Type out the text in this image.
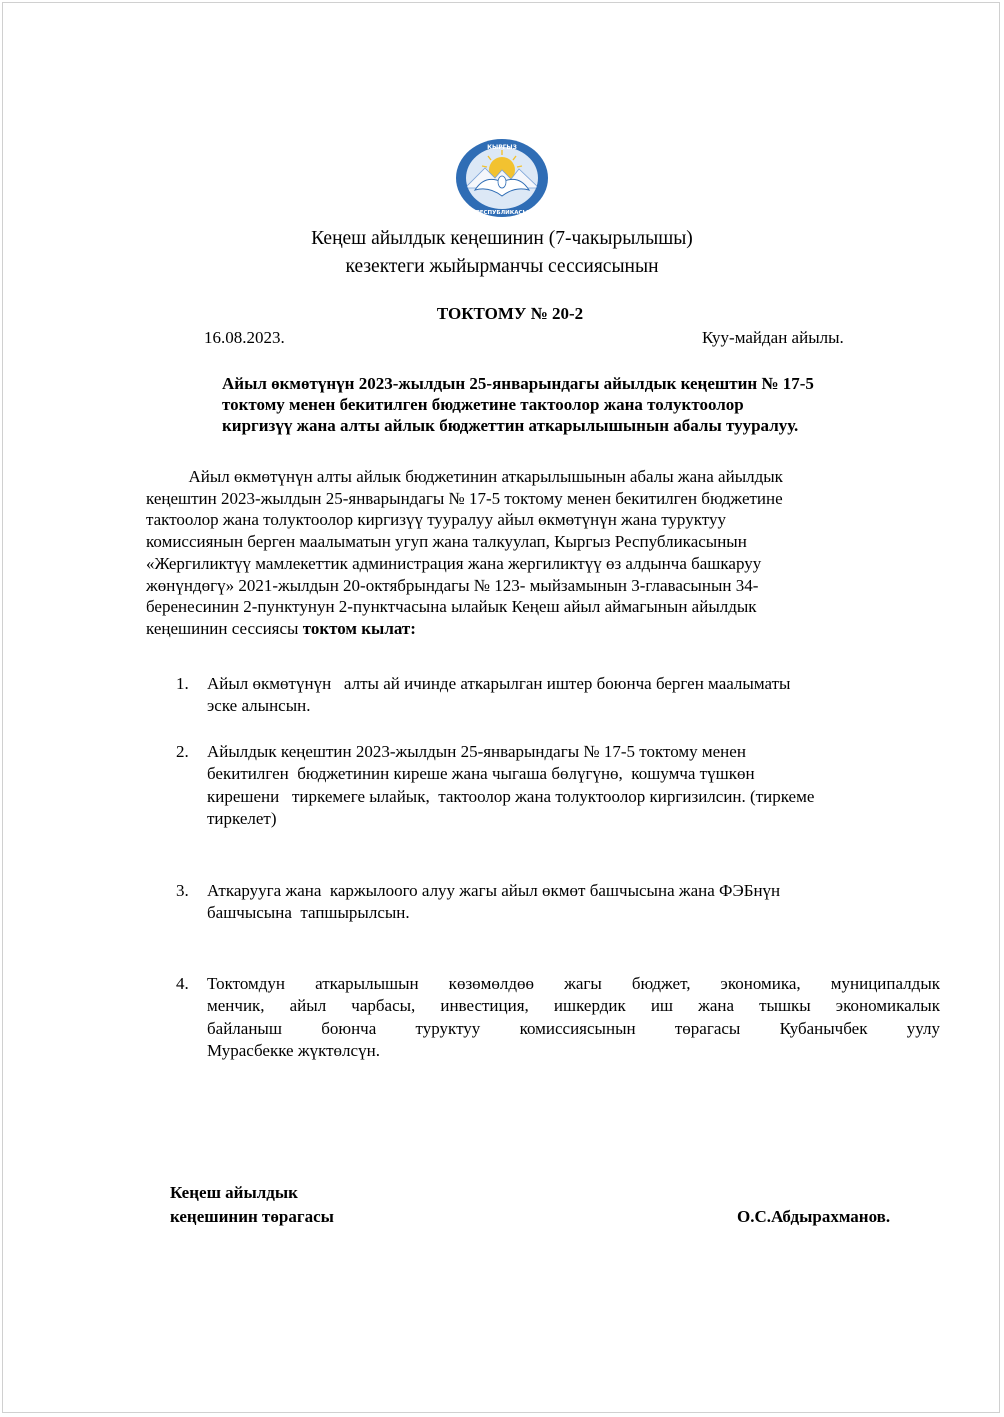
КЫРГЫЗ
РЕСПУБЛИКАСЫ
Кеңеш айылдык кеңешинин (7-чакырылышы)
кезектеги жыйырманчы сессиясынын
ТОКТОМУ № 20-2
16.08.2023.	Куу-майдан айылы.
Айыл өкмөтүнүн 2023-жылдын 25-январындагы айылдык кеңештин № 17-5
токтому менен бекитилген бюджетине тактоолор жана толуктоолор
киргизүү жана алты айлык бюджеттин аткарылышынын абалы тууралуу.
Айыл өкмөтүнүн алты айлык бюджетинин аткарылышынын абалы жана айылдык
кеңештин 2023-жылдын 25-январындагы № 17-5 токтому менен бекитилген бюджетине
тактоолор жана толуктоолор киргизүү тууралуу айыл өкмөтүнүн жана туруктуу
комиссиянын берген маалыматын угуп жана талкуулап, Кыргыз Республикасынын
«Жергиликтүү мамлекеттик администрация жана жергиликтүү өз алдынча башкаруу
жөнүндөгү» 2021-жылдын 20-октябрындагы № 123- мыйзамынын 3-главасынын 34-
беренесинин 2-пунктунун 2-пунктчасына ылайык Кеңеш айыл аймагынын айылдык
кеңешинин сессиясы токтом кылат:
1. Айыл өкмөтүнүн   алты ай ичинде аткарылган иштер боюнча берген маалыматы
эске алынсын.
2. Айылдык кеңештин 2023-жылдын 25-январындагы № 17-5 токтому менен
бекитилген  бюджетинин киреше жана чыгаша бөлүгүнө,  кошумча түшкөн
кирешени   тиркемеге ылайык,  тактоолор жана толуктоолор киргизилсин. (тиркеме
тиркелет)
3. Аткарууга жана  каржылоого алуу жагы айыл өкмөт башчысына жана ФЭБнүн
башчысына  тапшырылсын.
4. Токтомдун аткарылышын көзөмөлдөө жагы бюджет, экономика, муниципалдык
менчик, айыл чарбасы, инвестиция, ишкердик иш жана тышкы экономикалык
байланыш боюнча туруктуу комиссиясынын төрагасы Кубанычбек уулу
Мурасбекке жүктөлсүн.
Кеңеш айылдык
кеңешинин төрагасы	О.С.Абдырахманов.
